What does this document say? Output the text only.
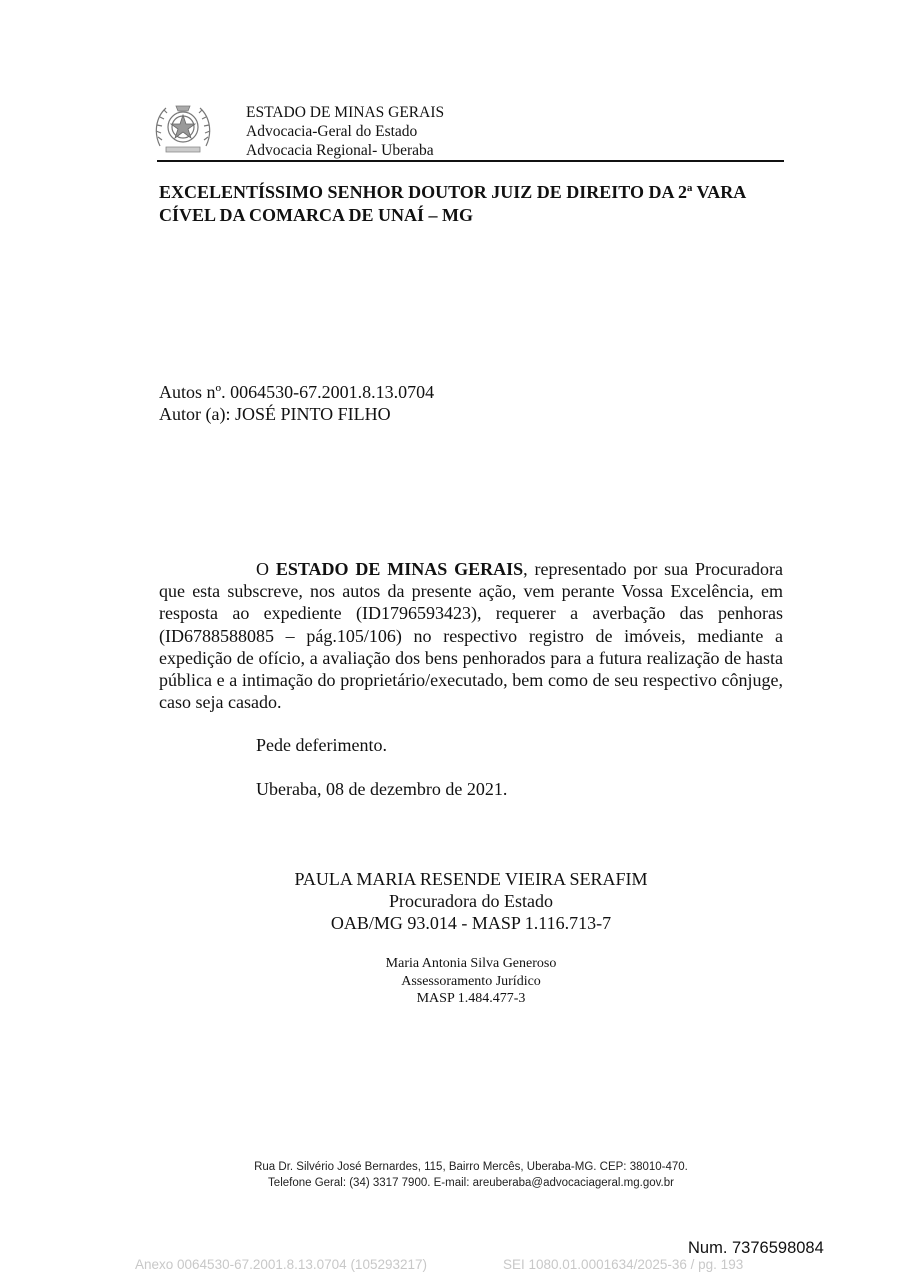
ESTADO DE MINAS GERAIS
Advocacia-Geral do Estado
Advocacia Regional- Uberaba
EXCELENTÍSSIMO SENHOR DOUTOR JUIZ DE DIREITO DA 2ª VARA CÍVEL DA COMARCA DE UNAÍ – MG
Autos nº. 0064530-67.2001.8.13.0704
Autor (a): JOSÉ PINTO FILHO
O ESTADO DE MINAS GERAIS, representado por sua Procuradora que esta subscreve, nos autos da presente ação, vem perante Vossa Excelência, em resposta ao expediente (ID1796593423), requerer a averbação das penhoras (ID6788588085 – pág.105/106) no respectivo registro de imóveis, mediante a expedição de ofício, a avaliação dos bens penhorados para a futura realização de hasta pública e a intimação do proprietário/executado, bem como de seu respectivo cônjuge, caso seja casado.
Pede deferimento.
Uberaba, 08 de dezembro de 2021.
PAULA MARIA RESENDE VIEIRA SERAFIM
Procuradora do Estado
OAB/MG 93.014 - MASP 1.116.713-7
Maria Antonia Silva Generoso
Assessoramento Jurídico
MASP 1.484.477-3
Rua Dr. Silvério José Bernardes, 115, Bairro Mercês, Uberaba-MG. CEP: 38010-470.
Telefone Geral: (34) 3317 7900. E-mail: areuberaba@advocaciageral.mg.gov.br
Num. 7376598084
Anexo 0064530-67.2001.8.13.0704 (105293217)	SEI 1080.01.0001634/2025-36 / pg. 193
